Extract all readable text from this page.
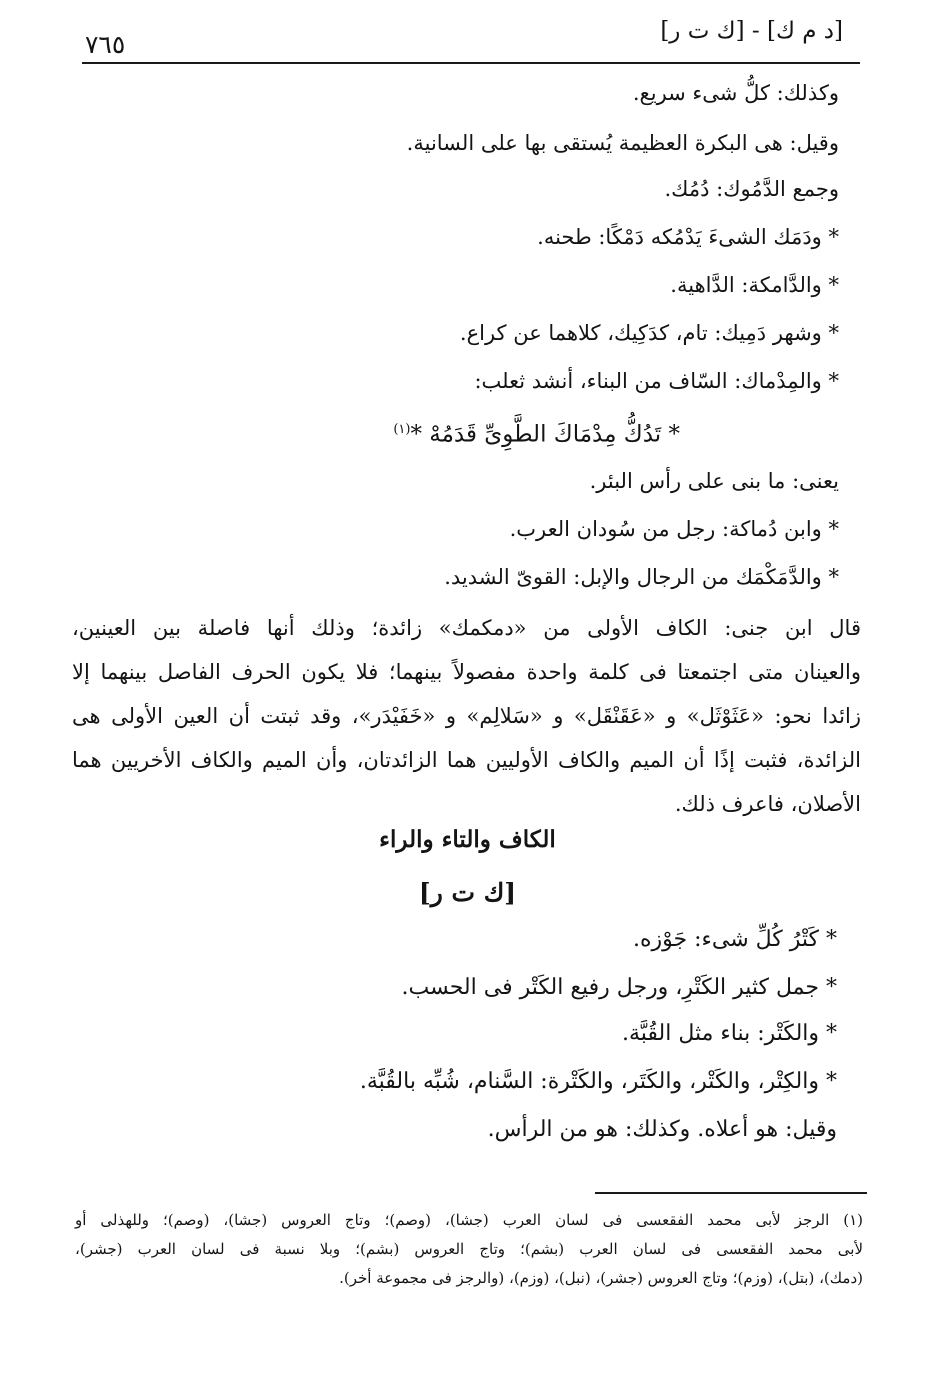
[د م ك] - [ك ت ر]
٧٦٥
وكذلك: كلُّ شىء سريع.
وقيل: هى البكرة العظيمة يُستقى بها على السانية.
وجمع الدَّمُوك: دُمُك.
* ودَمَك الشىءَ يَدْمُكه دَمْكًا: طحنه.
* والدَّامكة: الدَّاهية.
* وشهر دَمِيك: تام، كدَكِيك، كلاهما عن كراع.
* والمِدْماك: السّاف من البناء، أنشد ثعلب:
* تَدُكُّ مِدْمَاكَ الطَّوِىِّ قَدَمُهْ *$^{(١)}$
يعنى: ما بنى على رأس البئر.
* وابن دُماكة: رجل من سُودان العرب.
* والدَّمَكْمَك من الرجال والإبل: القوىّ الشديد.
قال ابن جنى: الكاف الأولى من «دمكمك» زائدة؛ وذلك أنها فاصلة بين العينين،
والعينان متى اجتمعتا فى كلمة واحدة مفصولاً بينهما؛ فلا يكون الحرف الفاصل بينهما إلا
زائدا نحو: «عَثَوْثَل» و «عَقَنْقَل» و «سَلالِم» و «خَفَيْدَر»، وقد ثبتت أن العين الأولى هى
الزائدة، فثبت إذًا أن الميم والكاف الأوليين هما الزائدتان، وأن الميم والكاف الأخريين هما
الأصلان، فاعرف ذلك.
الكاف والتاء والراء
[ك ت ر]
* كَتْرُ كُلِّ شىء: جَوْزه.
* جمل كثير الكَتْرِ، ورجل رفيع الكَتْر فى الحسب.
* والكَتْر: بناء مثل القُبَّة.
* والكِتْر، والكَتْر، والكَتَر، والكَتْرة: السَّنام، شُبِّه بالقُبَّة.
وقيل: هو أعلاه. وكذلك: هو من الرأس.
(١) الرجز لأبى محمد الفقعسى فى لسان العرب (جشا)، (وصم)؛ وتاج العروس (جشا)، (وصم)؛ وللهذلى أو
لأبى محمد الفقعسى فى لسان العرب (بشم)؛ وتاج العروس (بشم)؛ وبلا نسبة فى لسان العرب (جشر)،
(دمك)، (بتل)، (وزم)؛ وتاج العروس (جشر)، (نبل)، (وزم)، (والرجز فى مجموعة أخر).
